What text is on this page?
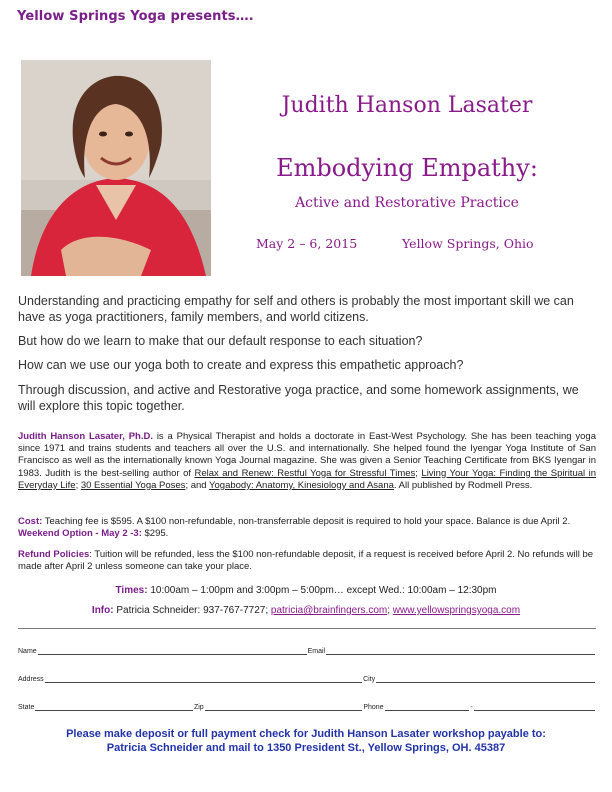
Yellow Springs Yoga presents….
Judith Hanson Lasater
Embodying Empathy:
Active and Restorative Practice
May 2 – 6, 2015	Yellow Springs, Ohio

Understanding and practicing empathy for self and others is probably the most important skill we can have as yoga practitioners, family members, and world citizens.

But how do we learn to make that our default response to each situation?

How can we use our yoga both to create and express this empathetic approach?

Through discussion, and active and Restorative yoga practice, and some homework assignments, we will explore this topic together.

Judith Hanson Lasater, Ph.D. is a Physical Therapist and holds a doctorate in East-West Psychology. She has been teaching yoga since 1971 and trains students and teachers all over the U.S. and internationally. She helped found the Iyengar Yoga Institute of San Francisco as well as the internationally known Yoga Journal magazine. She was given a Senior Teaching Certificate from BKS Iyengar in 1983. Judith is the best-selling author of Relax and Renew: Restful Yoga for Stressful Times; Living Your Yoga: Finding the Spiritual in Everyday Life; 30 Essential Yoga Poses; and Yogabody: Anatomy, Kinesiology and Asana. All published by Rodmell Press.

Cost: Teaching fee is $595. A $100 non-refundable, non-transferrable deposit is required to hold your space. Balance is due April 2. Weekend Option - May 2 -3: $295.

Refund Policies: Tuition will be refunded, less the $100 non-refundable deposit, if a request is received before April 2. No refunds will be made after April 2 unless someone can take your place.

Times: 10:00am – 1:00pm and 3:00pm – 5:00pm… except Wed.: 10:00am – 12:30pm
Info: Patricia Schneider: 937-767-7727; patricia@brainfingers.com; www.yellowspringsyoga.com
Name	Email
Address	City
State	Zip	Phone	-
Please make deposit or full payment check for Judith Hanson Lasater workshop payable to:
Patricia Schneider and mail to 1350 President St., Yellow Springs, OH. 45387
